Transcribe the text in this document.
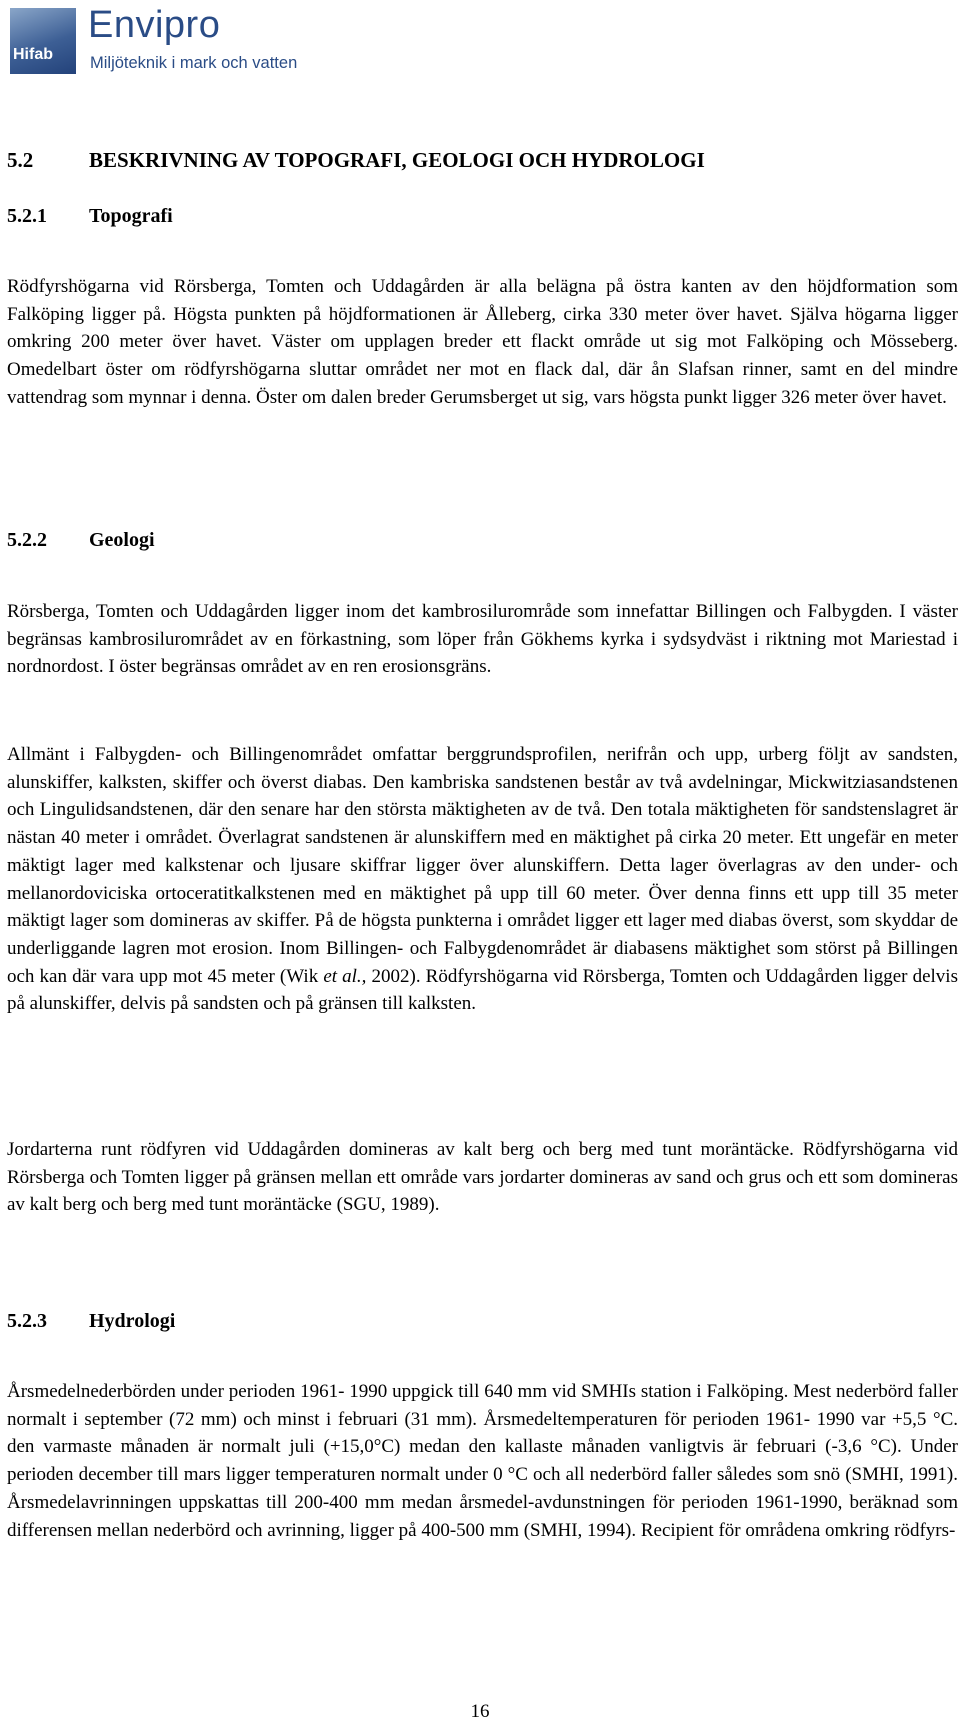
Hifab
Envipro
Miljöteknik i mark och vatten
5.2	BESKRIVNING AV TOPOGRAFI, GEOLOGI OCH HYDROLOGI
5.2.1 Topografi

Rödfyrshögarna vid Rörsberga, Tomten och Uddagården är alla belägna på östra kanten av den höjdformation som Falköping ligger på. Högsta punkten på höjdformationen är Ålleberg, cirka 330 meter över havet. Själva högarna ligger omkring 200 meter över havet. Väster om upplagen breder ett flackt område ut sig mot Falköping och Mösseberg. Omedelbart öster om rödfyrshögarna sluttar området ner mot en flack dal, där ån Slafsan rinner, samt en del mindre vattendrag som mynnar i denna. Öster om dalen breder Gerumsberget ut sig, vars högsta punkt ligger 326 meter över havet.

5.2.2 Geologi

Rörsberga, Tomten och Uddagården ligger inom det kambrosilurområde som innefattar Billingen och Falbygden. I väster begränsas kambrosilurområdet av en förkastning, som löper från Gökhems kyrka i sydsydväst i riktning mot Mariestad i nordnordost. I öster begränsas området av en ren erosionsgräns.

Allmänt i Falbygden- och Billingenområdet omfattar berggrundsprofilen, nerifrån och upp, urberg följt av sandsten, alunskiffer, kalksten, skiffer och överst diabas. Den kambriska sandstenen består av två avdelningar, Mickwitziasandstenen och Lingulidsandstenen, där den senare har den största mäktigheten av de två. Den totala mäktigheten för sandstenslagret är nästan 40 meter i området. Överlagrat sandstenen är alunskiffern med en mäktighet på cirka 20 meter. Ett ungefär en meter mäktigt lager med kalkstenar och ljusare skiffrar ligger över alunskiffern. Detta lager överlagras av den under- och mellanordoviciska ortoceratitkalkstenen med en mäktighet på upp till 60 meter. Över denna finns ett upp till 35 meter mäktigt lager som domineras av skiffer. På de högsta punkterna i området ligger ett lager med diabas överst, som skyddar de underliggande lagren mot erosion. Inom Billingen- och Falbygdenområdet är diabasens mäktighet som störst på Billingen och kan där vara upp mot 45 meter (Wik et al., 2002). Rödfyrshögarna vid Rörsberga, Tomten och Uddagården ligger delvis på alunskiffer, delvis på sandsten och på gränsen till kalksten.

Jordarterna runt rödfyren vid Uddagården domineras av kalt berg och berg med tunt moräntäcke. Rödfyrshögarna vid Rörsberga och Tomten ligger på gränsen mellan ett område vars jordarter domineras av sand och grus och ett som domineras av kalt berg och berg med tunt moräntäcke (SGU, 1989).

5.2.3 Hydrologi

Årsmedelnederbörden under perioden 1961- 1990 uppgick till 640 mm vid SMHIs station i Falköping. Mest nederbörd faller normalt i september (72 mm) och minst i februari (31 mm). Årsmedeltemperaturen för perioden 1961- 1990 var +5,5 °C. den varmaste månaden är normalt juli (+15,0°C) medan den kallaste månaden vanligtvis är februari (-3,6 °C). Under perioden december till mars ligger temperaturen normalt under 0 °C och all nederbörd faller således som snö (SMHI, 1991). Årsmedelavrinningen uppskattas till 200-400 mm medan årsmedel-avdunstningen för perioden 1961-1990, beräknad som differensen mellan nederbörd och avrinning, ligger på 400-500 mm (SMHI, 1994). Recipient för områdena omkring rödfyrs-

16
